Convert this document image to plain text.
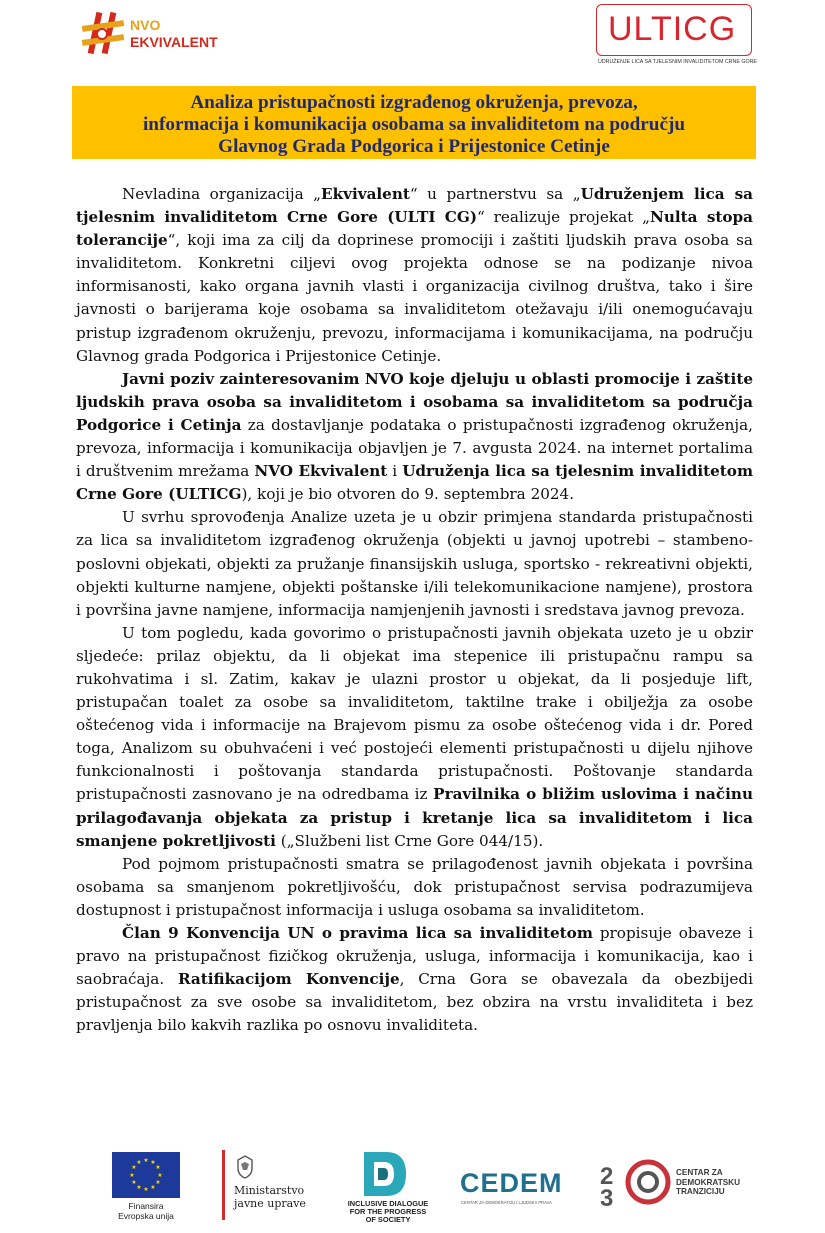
NVO
EKVIVALENT	ULTICG
UDRUŽENJE LICA SA TJELESNIM INVALIDITETOM CRNE GORE
Analiza pristupačnosti izgrađenog okruženja, prevoza,
informacija i komunikacija osobama sa invaliditetom na području
Glavnog Grada Podgorica i Prijestonice Cetinje

Nevladina organizacija „Ekvivalent“ u partnerstvu sa „Udruženjem lica sa tjelesnim invaliditetom Crne Gore (ULTI CG)“ realizuje projekat „Nulta stopa tolerancije“, koji ima za cilj da doprinese promociji i zaštiti ljudskih prava osoba sa invaliditetom. Konkretni ciljevi ovog projekta odnose se na podizanje nivoa informisanosti, kako organa javnih vlasti i organizacija civilnog društva, tako i šire javnosti o barijerama koje osobama sa invaliditetom otežavaju i/ili onemogućavaju pristup izgrađenom okruženju, prevozu, informacijama i komunikacijama, na području Glavnog grada Podgorica i Prijestonice Cetinje.

Javni poziv zainteresovanim NVO koje djeluju u oblasti promocije i zaštite ljudskih prava osoba sa invaliditetom i osobama sa invaliditetom sa područja Podgorice i Cetinja za dostavljanje podataka o pristupačnosti izgrađenog okruženja, prevoza, informacija i komunikacija objavljen je 7. avgusta 2024. na internet portalima i društvenim mrežama NVO Ekvivalent i Udruženja lica sa tjelesnim invaliditetom Crne Gore (ULTICG), koji je bio otvoren do 9. septembra 2024.

U svrhu sprovođenja Analize uzeta je u obzir primjena standarda pristupačnosti za lica sa invaliditetom izgrađenog okruženja (objekti u javnoj upotrebi – stambeno-poslovni objekati, objekti za pružanje finansijskih usluga, sportsko - rekreativni objekti, objekti kulturne namjene, objekti poštanske i/ili telekomunikacione namjene), prostora i površina javne namjene, informacija namjenjenih javnosti i sredstava javnog prevoza.

U tom pogledu, kada govorimo o pristupačnosti javnih objekata uzeto je u obzir sljedeće: prilaz objektu, da li objekat ima stepenice ili pristupačnu rampu sa rukohvatima i sl. Zatim, kakav je ulazni prostor u objekat, da li posjeduje lift, pristupačan toalet za osobe sa invaliditetom, taktilne trake i obilježja za osobe oštećenog vida i informacije na Brajevom pismu za osobe oštećenog vida i dr. Pored toga, Analizom su obuhvaćeni i već postojeći elementi pristupačnosti u dijelu njihove funkcionalnosti i poštovanja standarda pristupačnosti. Poštovanje standarda pristupačnosti zasnovano je na odredbama iz Pravilnika o bližim uslovima i načinu prilagođavanja objekata za pristup i kretanje lica sa invaliditetom i lica smanjene pokretljivosti („Službeni list Crne Gore 044/15).

Pod pojmom pristupačnosti smatra se prilagođenost javnih objekata i površina osobama sa smanjenom pokretljivošću, dok pristupačnost servisa podrazumijeva dostupnost i pristupačnost informacija i usluga osobama sa invaliditetom.

Član 9 Konvencija UN o pravima lica sa invaliditetom propisuje obaveze i pravo na pristupačnost fizičkog okruženja, usluga, informacija i komunikacija, kao i saobraćaja. Ratifikacijom Konvencije, Crna Gora se obavezala da obezbijedi pristupačnost za sve osobe sa invaliditetom, bez obzira na vrstu invaliditeta i bez pravljenja bilo kakvih razlika po osnovu invaliditeta.

★ ★
★
★
★
★
★
★
★
★
★
★
Finansira
Evropska unija
Ministarstvo
javne uprave	INCLUSIVE DIALOGUE
FOR THE PROGRESS
OF SOCIETY
CEDEM
CENTAR ZA DEMOKRATIJU I LJUDSKA PRAVA
2
3
CENTAR ZA
DEMOKRATSKU
TRANZICIJU
